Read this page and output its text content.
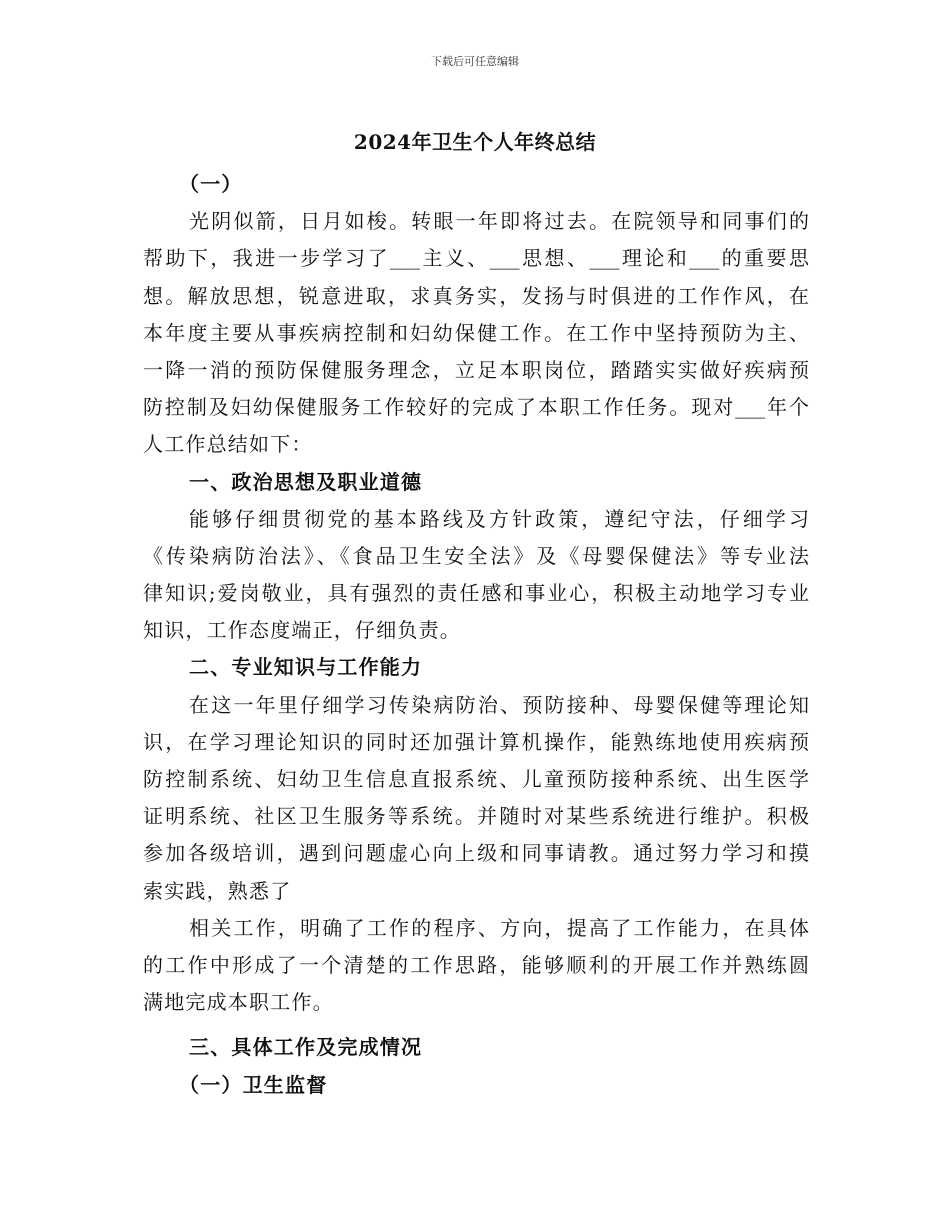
下载后可任意编辑
2024年卫生个人年终总结
（一）
光阴似箭，日月如梭。转眼一年即将过去。在院领导和同事们的
帮助下，我进一步学习了___主义、___思想、___理论和___的重要思
想。解放思想，锐意进取，求真务实，发扬与时俱进的工作作风，在
本年度主要从事疾病控制和妇幼保健工作。在工作中坚持预防为主、
一降一消的预防保健服务理念，立足本职岗位，踏踏实实做好疾病预
防控制及妇幼保健服务工作较好的完成了本职工作任务。现对___年个
人工作总结如下：
一、政治思想及职业道德
能够仔细贯彻党的基本路线及方针政策，遵纪守法，仔细学习
《传染病防治法》、《食品卫生安全法》及《母婴保健法》等专业法
律知识;爱岗敬业，具有强烈的责任感和事业心，积极主动地学习专业
知识，工作态度端正，仔细负责。
二、专业知识与工作能力
在这一年里仔细学习传染病防治、预防接种、母婴保健等理论知
识，在学习理论知识的同时还加强计算机操作，能熟练地使用疾病预
防控制系统、妇幼卫生信息直报系统、儿童预防接种系统、出生医学
证明系统、社区卫生服务等系统。并随时对某些系统进行维护。积极
参加各级培训，遇到问题虚心向上级和同事请教。通过努力学习和摸
索实践，熟悉了
相关工作，明确了工作的程序、方向，提高了工作能力，在具体
的工作中形成了一个清楚的工作思路，能够顺利的开展工作并熟练圆
满地完成本职工作。
三、具体工作及完成情况
（一）卫生监督
